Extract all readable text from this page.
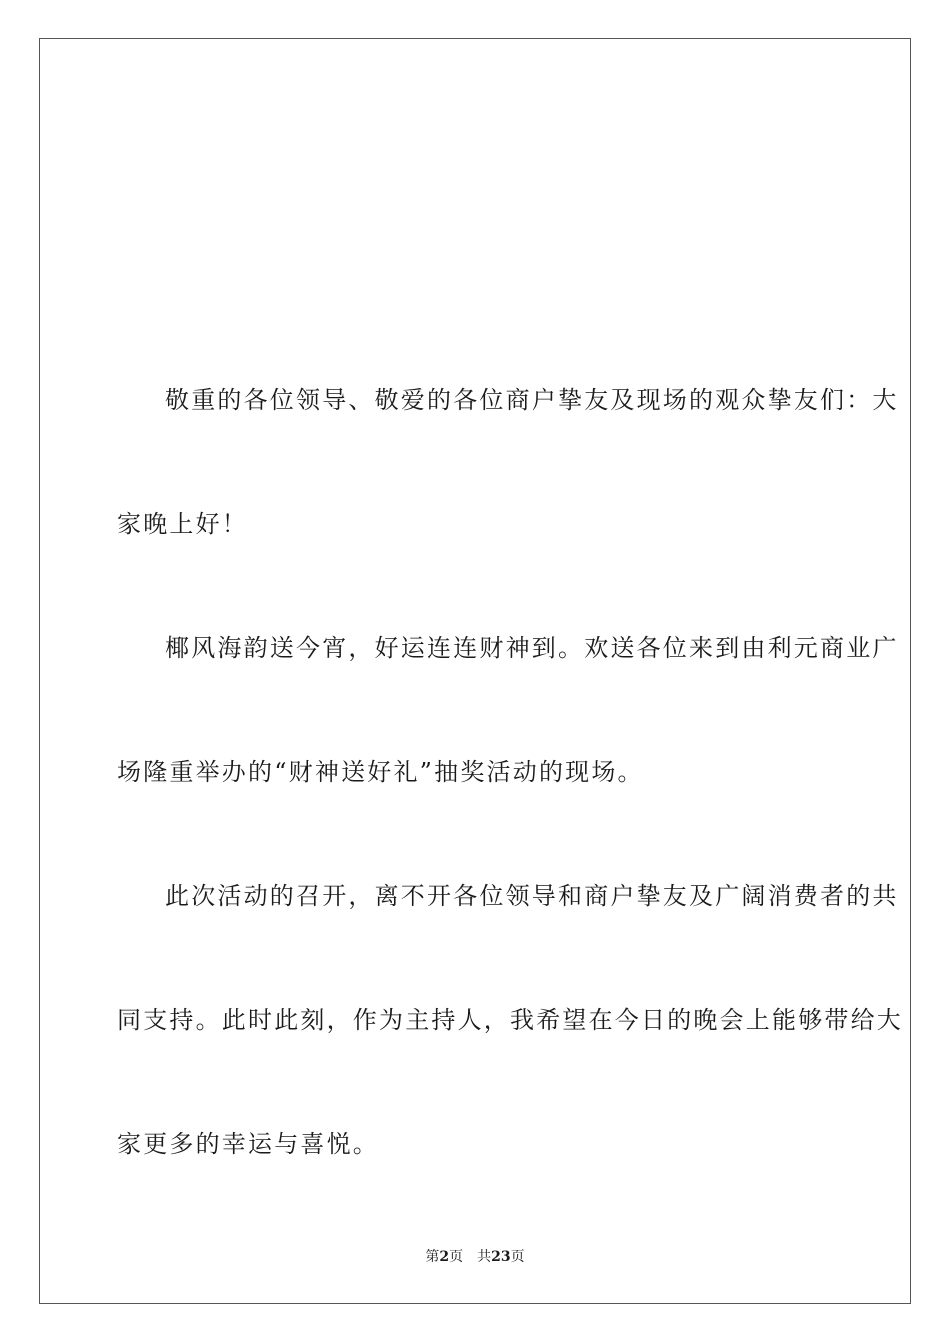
敬重的各位领导、敬爱的各位商户挚友及现场的观众挚友们：大
家晚上好！
椰风海韵送今宵，好运连连财神到。欢送各位来到由利元商业广
场隆重举办的“财神送好礼”抽奖活动的现场。
此次活动的召开，离不开各位领导和商户挚友及广阔消费者的共
同支持。此时此刻，作为主持人，我希望在今日的晚会上能够带给大
家更多的幸运与喜悦。
第2页 共23页
